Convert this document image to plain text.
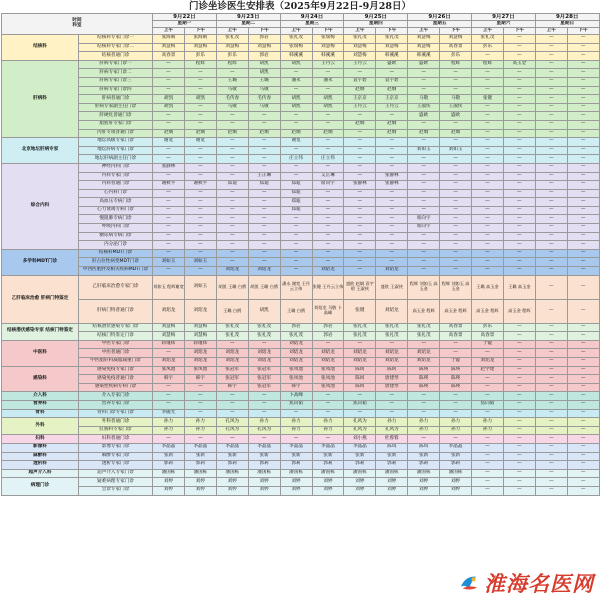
门诊坐诊医生安排表（2025年9月22日-9月28日）
时间
科室		9月22日		9月23日		9月24日		9月25日		9月26日		9月27日		9月28日	
		星期一		星期二		星期三		星期四		星期五		星期六		星期日	
		上午	下午	上午	下午	上午	下午	上午	下午	上午	下午	上午	下午	上午	下午
结核科	结核科专家门诊一	张海晴	张海晴	张礼茂	郭岩	张礼茂	张瑞梅	张礼茂	张礼茂	刘慧梅	刘慧梅	张礼茂	—	—	—
	结核科专家门诊二	刘慧梅	刘慧梅	刘慧梅	刘慧梅	张瑞梅	刘慧梅	刘慧梅	刘慧梅	刘慧梅	高春景	彭乐	—	—	—
	结核普通门诊	高春景	彭乐	彭乐	郭岩	韩溪溪	韩溪溪	刘慧梅	韩溪溪	韩溪溪	彭乐	—	—	—	—
肝病科	肝病专家门诊一	—	程辉	程辉	胡凯	胡凯	王丹云	王丹云	盛欧	盛欧	程辉	程辉	高玉金	—	—
	肝病专家门诊二	—	—	—	胡凯	—	—	—	—	—	—	—	—	—	—
	肝病专家门诊三	—	—	王璐	王璐	潘永	潘永	袁宇碧	袁宇碧	—	—	—	—	—	—
	肝病专家门诊四	—	—	马敬	马敬	—	—	赵炯	赵炯	—	—	—	—	—	—
	肝病普通门诊	胡凯	胡凯	毛传春	毛传春	胡凯	胡凯	王京京	王京京	马敬	马敬	张键	—	—	—
	肝病专家副主任门诊	胡凯	—	马敬	马敬	胡凯	胡凯	王丹云	王丹云	王淑侠	王淑侠	—	—	—	—
	肝硬化普通门诊	—	—	—	—	—	—	—	—	盛欧	盛欧	—	—	—	—
	脂肪肝专家门诊	—	—	—	—	—	—	赵炯	赵炯	—	—	—	—	—	—
	丙肝专项普通门诊	赵炯	赵炯	赵炯	赵炯	赵炯	赵炯	—	赵炯	赵炯	赵炯	—	—	—	—
北京地坛肝病专家	地坛高级专家门诊	谢宽	谢宽	—	—	谢宽	—	—	—	—	—	—	—	—	—
	地坛肝病专家门诊	—	—	—	—	—	—	—	—	刘如玉	刘如玉	—	—	—	—
	地坛肝病副主任门诊	—	—	—	—	庄立伟	庄立伟	—	—	—	—	—	—	—	—
综合内科	神经内科门诊	张静林	—	—	—	—	—	—	—	—	—	—	—	—	—
	内科专家门诊	—	—	—	王正琳	—	艾正琳	—	张静林	—	—	—	—	—	—
	内科普通门诊	谢秋平	谢秋平	郑迪	郑迪	郑迪	席向宇	张静林	张静林	—	—	—	—	—	—
	心内科门诊	—	—	—	—	郑迪	—	—	—	—	—	—	—	—	—
	高血压专病门诊	—	—	—	—	郑迪	—	—	—	—	—	—	—	—	—
	心力衰竭专病门诊	—	—	—	—	郑迪	—	—	—	—	—	—	—	—	—
	慢阻肺专病门诊	—	—	—	—	—	—	—	—	席向宇	—	—	—	—	—
	呼吸内科门诊	—	—	—	—	—	—	—	—	席向宇	—	—	—	—	—
	糖尿病专病门诊	—	—	—	—	—	—	—	—	—	—	—	—	—	—
	内分泌门诊	—	—	—	—	—	—	—	—	—	—	—	—	—	—
多学科MDT门诊	结核科MDT门诊	—	—	—	—	—	—	—	—	—	—	—	—	—	—
	肝占位性病变MDT门诊	刘如玉	刘如玉	—	—	—	—	—	—	—	—	—	—	—	—
	中西医肥胖及相关疾病MDT门诊	—	—	刘炤龙	刘炤龙	—	刘炤龙	—	刘炤龙	—	—	—	—	—	—
乙肝临床治愈 肝病门特鉴定	乙肝临床治愈专家门诊	刘如玉 程辉谢宽	刘如玉	胡凯 王璐 白鹄	胡凯 王璐 白鹄	潘永 谢宽 王丹云立伟	张键 王丹云立伟	盛欧 赵炯 袁宇碧 王淑侠	盛欧 王淑侠	程辉 刘如玉 高玉金	程辉 刘如玉 高玉金	王璐 高玉金	王璐 高玉金	—	—
	肝病门特普通门诊	刘炤龙	刘炤龙	王璐 白鹄	胡凯	王璐 白鹄	刘炤龙 马敬 卜高峰	张键	刘炤龙	高玉金 程辉	高玉金 程辉	高玉金 程辉	高玉金 程辉	—	—
结核潜伏感染专家 结核门特鉴定	结核潜伏感染专家门诊	刘慧梅	刘慧梅	张礼茂	张礼茂	郭岩	郭岩	张礼茂	张礼茂	张礼茂	高春景	彭乐	—	—	—
	结核门特鉴定门诊	刘慧梅	刘慧梅	张礼茂	张礼茂	张礼茂	郭岩	张礼茂	张礼茂	张礼茂	高春景	高春景	—	—	—
中医科	中医专家门诊	蒋瑾炜	蒋瑾炜	—	—	刘炤龙	—	—	—	—	—	于锟	—	—	—
	中医普通门诊	—	刘炤龙	刘炤龙	刘炤龙	刘炤龙	刘炤龙	刘炤龙	刘炤龙	刘炤龙	—	—	—	—	—
	中医脂肝科减脂减重门诊	刘炤龙	刘炤龙	刘炤龙	刘炤龙	刘炤龙	刘炤龙	刘炤龙	刘炤龙	刘炤龙	于锟	刘炤龙	—	—	—
感染科	感染免疫专家门诊	张凤池	张凤池	张冠军	张冠军	张凤池	张凤池	陈珂	陈珂	陈瑛	陈瑛	赵学建	—	—	—
	感染免疫普通门诊	韩宇	韩宇	张冠军	张冠军	张凤池	张凤池	陈珂	唐建琴	陈瑛	陈瑛	—	—	—	—
	感染性疾病专科门诊	—	—	韩宇	张冠军	韩宇	张凤池	陈珂	唐建琴	陈瑛	陈瑛	—	—	—	—
介入科	介入专家门诊	—	—	—	—	卜高峰	—	—	—	—	—	—	—	—	—
营养科	营养专家门诊	—	—	—	—	焦向韬	—	焦向韬	—	—	—	焦向韬	—	—	—
骨科	骨科门诊专家门诊	李随光	—	—	—	—	—	—	—	—	—	—	—	—	—
外科	外科普通门诊	孙力	孙力	孔风为	孙力	孙力	孙力	孔风为	孙力	孙力	孙力	孙力	—	—	—
	肛肠科专家门诊	孙力	孙力	孔风为	孔风为	孙力	孙力	孔风为	孔风为	孙力	孙力	孙力	—	—	—
妇科	妇科普通门诊	—	—	—	—	—	—	刘小燕	杜蓉蓉	—	—	—	—	—	—
影像科	影像专家门诊	李晶晶	李晶晶	李晶晶	李晶晶	李晶晶	李晶晶	李晶晶	陈琪	陈琪	李晶晶	—	—	—	—
麻醉科	麻醉专家门诊	张新	张新	张新	张新	张新	张新	张新	张新	张新	张新	—	—	—	—
透析科	透析专家门诊	郭莉	郭莉	郭莉	郭莉	郭莉	郭莉	郭莉	郭莉	郭莉	郭莉	—	—	—	—
超声介入科	超声介入专家门诊	潘国栋	潘国栋	潘国栋	潘国栋	潘国栋	潘国栋	潘国栋	潘国栋	潘国栋	潘国栋	—	—	—	—
病理门诊	疑难病理专家门诊	刘婷	刘婷	刘婷	刘婷	刘婷	刘婷	刘婷	刘婷	刘婷	刘婷	—	—	—	—
	会诊专家门诊	刘婷	刘婷	刘婷	刘婷	刘婷	刘婷	刘婷	刘婷	刘婷	刘婷	—	—	—	—
淮海名医网
